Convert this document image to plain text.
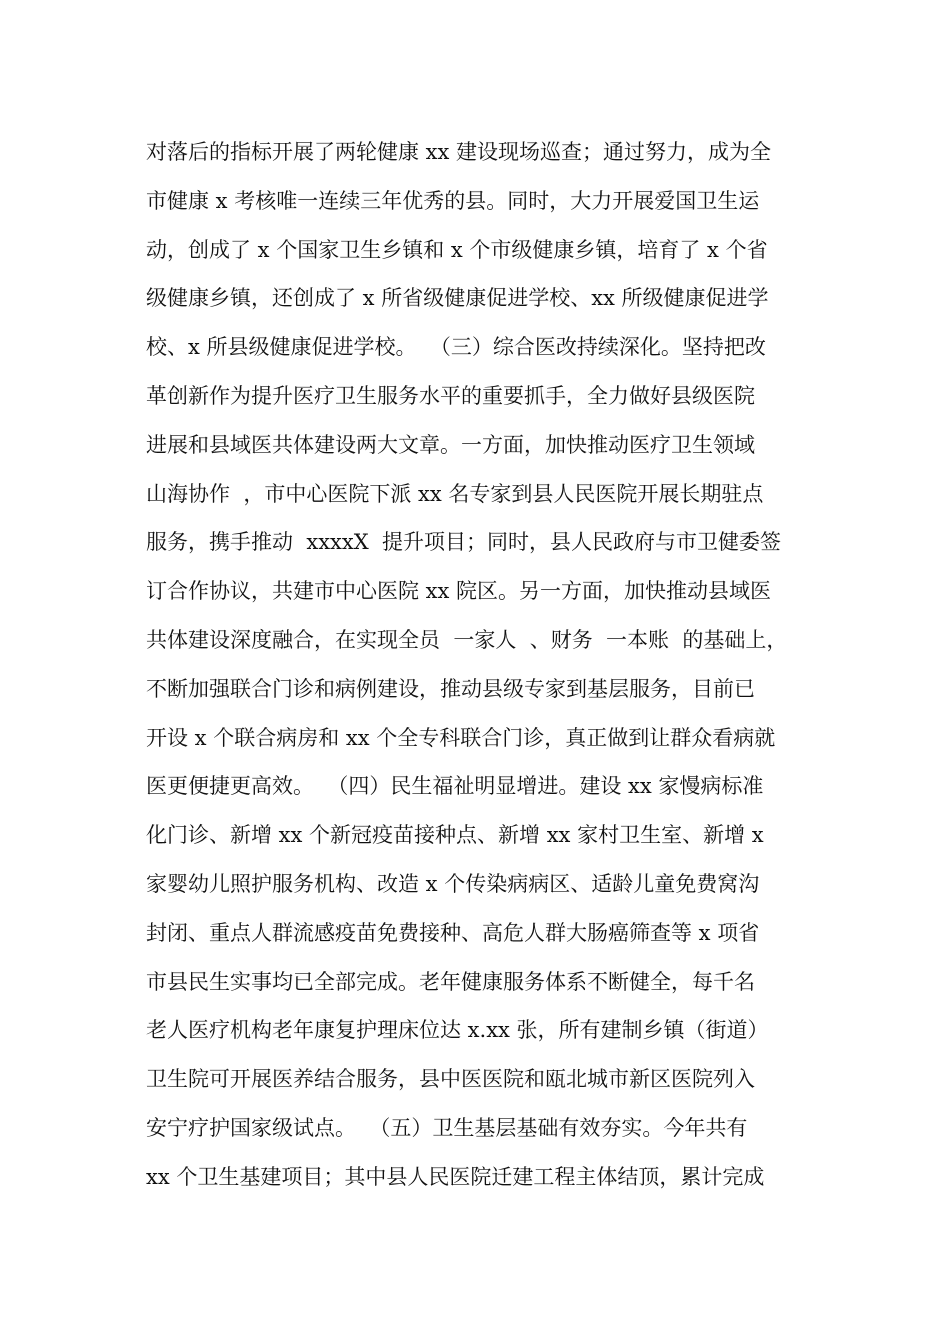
对落后的指标开展了两轮健康 xx 建设现场巡查；通过努力，成为全
市健康 x 考核唯一连续三年优秀的县。同时，大力开展爱国卫生运
动，创成了 x 个国家卫生乡镇和 x 个市级健康乡镇，培育了 x 个省
级健康乡镇，还创成了 x 所省级健康促进学校、xx 所级健康促进学
校、x 所县级健康促进学校。  （三）综合医改持续深化。坚持把改
革创新作为提升医疗卫生服务水平的重要抓手，全力做好县级医院
进展和县域医共体建设两大文章。一方面，加快推动医疗卫生领域
山海协作  ，市中心医院下派 xx 名专家到县人民医院开展长期驻点
服务，携手推动  xxxxX  提升项目；同时，县人民政府与市卫健委签
订合作协议，共建市中心医院 xx 院区。另一方面，加快推动县域医
共体建设深度融合，在实现全员  一家人  、财务  一本账  的基础上，
不断加强联合门诊和病例建设，推动县级专家到基层服务，目前已
开设 x 个联合病房和 xx 个全专科联合门诊，真正做到让群众看病就
医更便捷更高效。  （四）民生福祉明显增进。建设 xx 家慢病标准
化门诊、新增 xx 个新冠疫苗接种点、新增 xx 家村卫生室、新增 x
家婴幼儿照护服务机构、改造 x 个传染病病区、适龄儿童免费窝沟
封闭、重点人群流感疫苗免费接种、高危人群大肠癌筛查等 x 项省
市县民生实事均已全部完成。老年健康服务体系不断健全，每千名
老人医疗机构老年康复护理床位达 x.xx 张，所有建制乡镇（街道）
卫生院可开展医养结合服务，县中医医院和瓯北城市新区医院列入
安宁疗护国家级试点。  （五）卫生基层基础有效夯实。今年共有
xx 个卫生基建项目；其中县人民医院迁建工程主体结顶，累计完成
